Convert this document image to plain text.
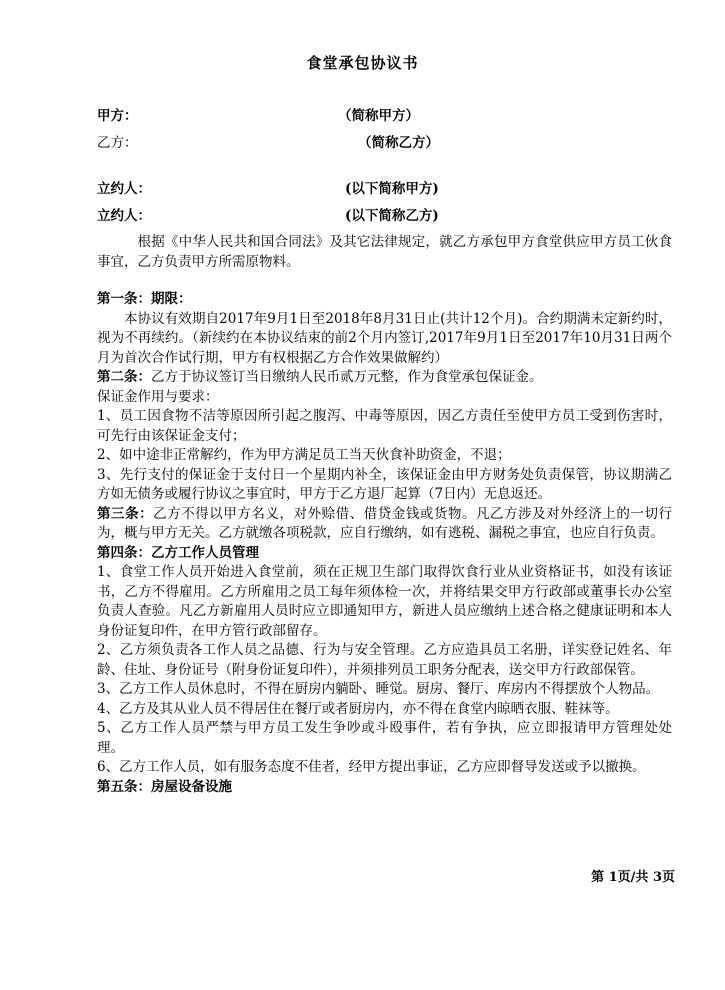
食堂承包协议书
甲方：	（简称甲方）
乙方：	（简称乙方）
立约人：	(以下简称甲方)
立约人：	(以下简称乙方)

根据《中华人民共和国合同法》及其它法律规定，就乙方承包甲方食堂供应甲方员工伙食事宜，乙方负责甲方所需原物料。

第一条：期限：

本协议有效期自2017年9月1日至2018年8月31日止(共计12个月)。合约期满未定新约时，视为不再续约。（新续约在本协议结束的前2个月内签订,2017年9月1日至2017年10月31日两个月为首次合作试行期，甲方有权根据乙方合作效果做解约）

第二条：乙方于协议签订当日缴纳人民币贰万元整，作为食堂承包保证金。

保证金作用与要求：

1、员工因食物不洁等原因所引起之腹泻、中毒等原因，因乙方责任至使甲方员工受到伤害时，可先行由该保证金支付；

2、如中途非正常解约，作为甲方满足员工当天伙食补助资金，不退；

3、先行支付的保证金于支付日一个星期内补全，该保证金由甲方财务处负责保管，协议期满乙方如无债务或履行协议之事宜时，甲方于乙方退厂起算（7日内）无息返还。

第三条：乙方不得以甲方名义，对外赊借、借贷金钱或货物。凡乙方涉及对外经济上的一切行为，概与甲方无关。乙方就缴各项税款，应自行缴纳，如有逃税、漏税之事宜，也应自行负责。

第四条：乙方工作人员管理

1、食堂工作人员开始进入食堂前，须在正规卫生部门取得饮食行业从业资格证书，如没有该证书，乙方不得雇用。乙方所雇用之员工每年须体检一次，并将结果交甲方行政部或董事长办公室负责人查验。凡乙方新雇用人员时应立即通知甲方，新进人员应缴纳上述合格之健康证明和本人身份证复印件，在甲方管行政部留存。

2、乙方须负责各工作人员之品德、行为与安全管理。乙方应造具员工名册，详实登记姓名、年龄、住址、身份证号（附身份证复印件），并须排列员工职务分配表，送交甲方行政部保管。

3、乙方工作人员休息时，不得在厨房内躺卧、睡觉。厨房、餐厅、库房内不得摆放个人物品。

4、乙方及其从业人员不得居住在餐厅或者厨房内，亦不得在食堂内晾晒衣服、鞋袜等。

5、乙方工作人员严禁与甲方员工发生争吵或斗殴事件，若有争执，应立即报请甲方管理处处理。

6、乙方工作人员，如有服务态度不佳者，经甲方提出事证，乙方应即督导发送或予以撤换。

第五条：房屋设备设施

第 1页/共 3页
